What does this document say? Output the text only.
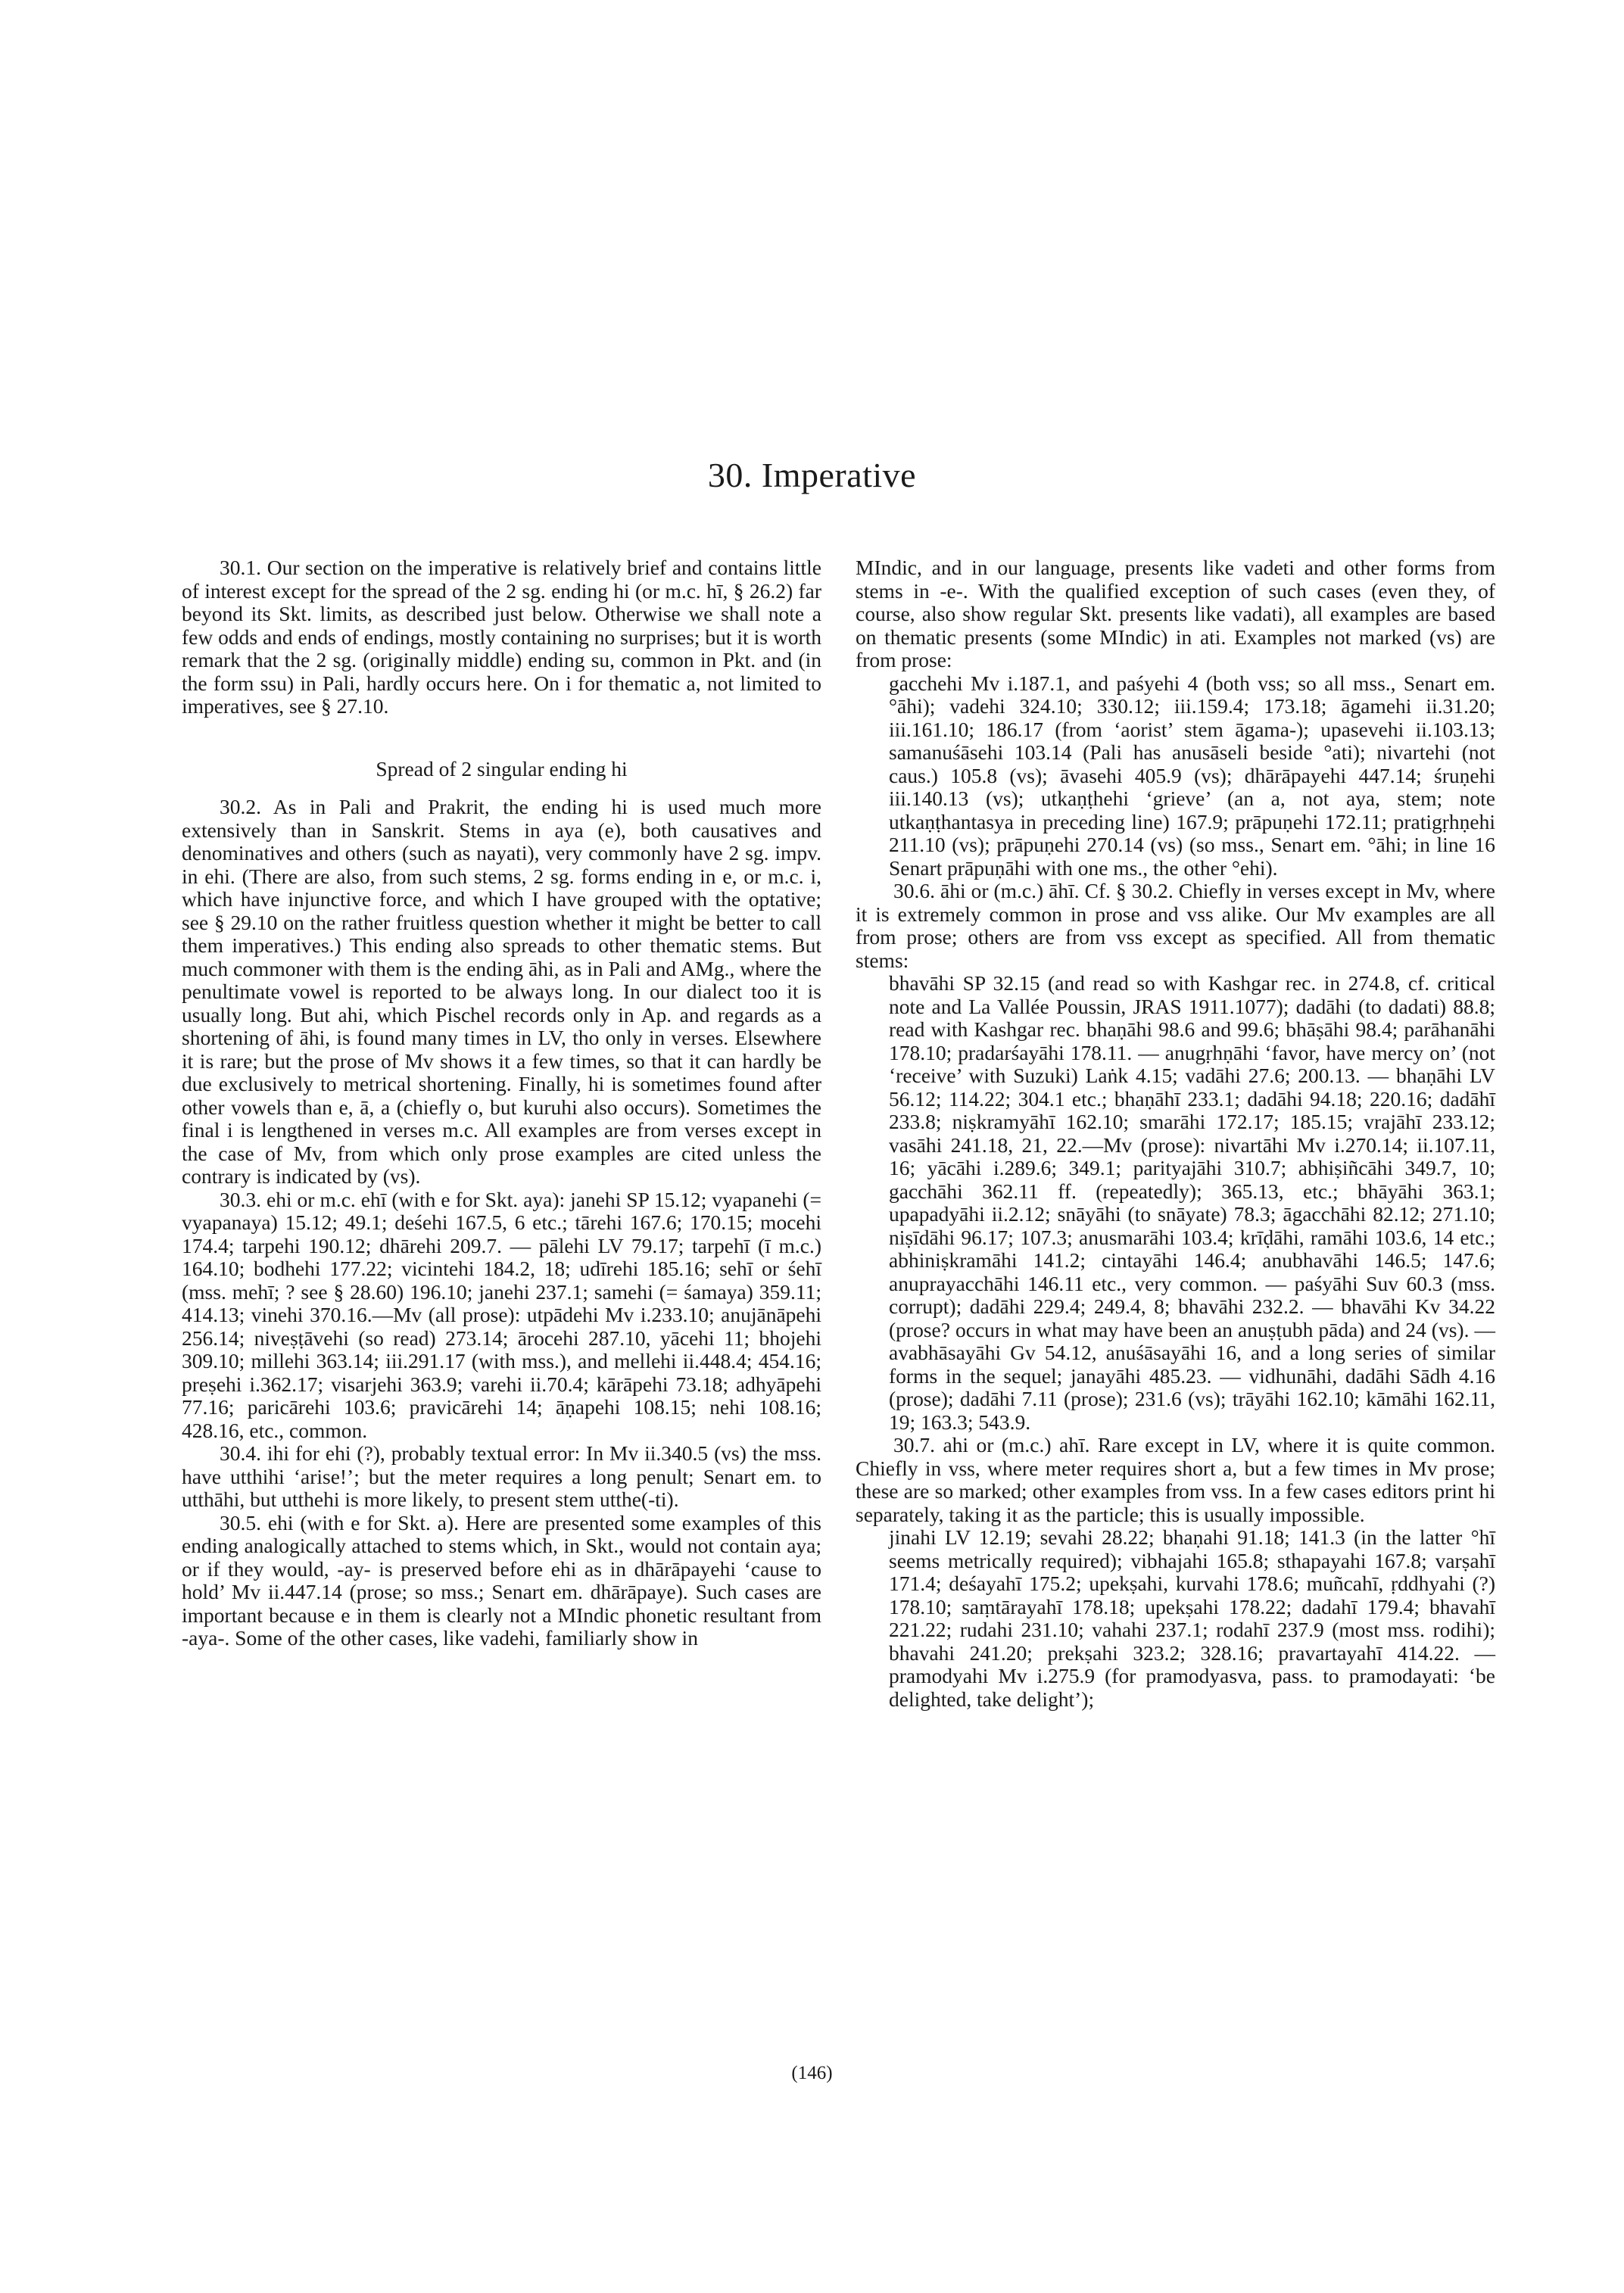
30. Imperative

30.1. Our section on the imperative is relatively brief and contains little of interest except for the spread of the 2 sg. ending hi (or m.c. hī, § 26.2) far beyond its Skt. limits, as described just below. Otherwise we shall note a few odds and ends of endings, mostly containing no surprises; but it is worth remark that the 2 sg. (originally middle) ending su, common in Pkt. and (in the form ssu) in Pali, hardly occurs here. On i for thematic a, not limited to imperatives, see § 27.10.

Spread of 2 singular ending hi

30.2. As in Pali and Prakrit, the ending hi is used much more extensively than in Sanskrit. Stems in aya (e), both causatives and denominatives and others (such as nayati), very commonly have 2 sg. impv. in ehi. (There are also, from such stems, 2 sg. forms ending in e, or m.c. i, which have injunctive force, and which I have grouped with the optative; see § 29.10 on the rather fruitless question whether it might be better to call them imperatives.) This ending also spreads to other thematic stems. But much commoner with them is the ending āhi, as in Pali and AMg., where the penultimate vowel is reported to be always long. In our dialect too it is usually long. But ahi, which Pischel records only in Ap. and regards as a shortening of āhi, is found many times in LV, tho only in verses. Elsewhere it is rare; but the prose of Mv shows it a few times, so that it can hardly be due exclusively to metrical shortening. Finally, hi is sometimes found after other vowels than e, ā, a (chiefly o, but kuruhi also occurs). Sometimes the final i is lengthened in verses m.c. All examples are from verses except in the case of Mv, from which only prose examples are cited unless the contrary is indicated by (vs).

30.3. ehi or m.c. ehī (with e for Skt. aya): janehi SP 15.12; vyapanehi (= vyapanaya) 15.12; 49.1; deśehi 167.5, 6 etc.; tārehi 167.6; 170.15; mocehi 174.4; tarpehi 190.12; dhārehi 209.7. — pālehi LV 79.17; tarpehī (ī m.c.) 164.10; bodhehi 177.22; vicintehi 184.2, 18; udīrehi 185.16; sehī or śehī (mss. mehī; ? see § 28.60) 196.10; janehi 237.1; samehi (= śamaya) 359.11; 414.13; vinehi 370.16.—Mv (all prose): utpādehi Mv i.233.10; anujānāpehi 256.14; niveṣṭāvehi (so read) 273.14; ārocehi 287.10, yācehi 11; bhojehi 309.10; millehi 363.14; iii.291.17 (with mss.), and mellehi ii.448.4; 454.16; preṣehi i.362.17; visarjehi 363.9; varehi ii.70.4; kārāpehi 73.18; adhyāpehi 77.16; paricārehi 103.6; pravicārehi 14; āṇapehi 108.15; nehi 108.16; 428.16, etc., common.

30.4. ihi for ehi (?), probably textual error: In Mv ii.340.5 (vs) the mss. have utthihi ‘arise!’; but the meter requires a long penult; Senart em. to utthāhi, but utthehi is more likely, to present stem utthe(-ti).

30.5. ehi (with e for Skt. a). Here are presented some examples of this ending analogically attached to stems which, in Skt., would not contain aya; or if they would, -ay- is preserved before ehi as in dhārāpayehi ‘cause to hold’ Mv ii.447.14 (prose; so mss.; Senart em. dhārāpaye). Such cases are important because e in them is clearly not a MIndic phonetic resultant from -aya-. Some of the other cases, like vadehi, familiarly show in

MIndic, and in our language, presents like vadeti and other forms from stems in -e-. With the qualified exception of such cases (even they, of course, also show regular Skt. presents like vadati), all examples are based on thematic presents (some MIndic) in ati. Examples not marked (vs) are from prose:

gacchehi Mv i.187.1, and paśyehi 4 (both vss; so all mss., Senart em. °āhi); vadehi 324.10; 330.12; iii.159.4; 173.18; āgamehi ii.31.20; iii.161.10; 186.17 (from ‘aorist’ stem āgama-); upasevehi ii.103.13; samanuśāsehi 103.14 (Pali has anusāseli beside °ati); nivartehi (not caus.) 105.8 (vs); āvasehi 405.9 (vs); dhārāpayehi 447.14; śruṇehi iii.140.13 (vs); utkaṇṭhehi ‘grieve’ (an a, not aya, stem; note utkaṇṭhantasya in preceding line) 167.9; prāpuṇehi 172.11; pratigṛhṇehi 211.10 (vs); prāpuṇehi 270.14 (vs) (so mss., Senart em. °āhi; in line 16 Senart prāpuṇāhi with one ms., the other °ehi).

30.6. āhi or (m.c.) āhī. Cf. § 30.2. Chiefly in verses except in Mv, where it is extremely common in prose and vss alike. Our Mv examples are all from prose; others are from vss except as specified. All from thematic stems:

bhavāhi SP 32.15 (and read so with Kashgar rec. in 274.8, cf. critical note and La Vallée Poussin, JRAS 1911.1077); dadāhi (to dadati) 88.8; read with Kashgar rec. bhaṇāhi 98.6 and 99.6; bhāṣāhi 98.4; parāhanāhi 178.10; pradarśayāhi 178.11. — anugṛhṇāhi ‘favor, have mercy on’ (not ‘receive’ with Suzuki) Laṅk 4.15; vadāhi 27.6; 200.13. — bhaṇāhi LV 56.12; 114.22; 304.1 etc.; bhaṇāhī 233.1; dadāhi 94.18; 220.16; dadāhī 233.8; niṣkramyāhī 162.10; smarāhi 172.17; 185.15; vrajāhī 233.12; vasāhi 241.18, 21, 22.—Mv (prose): nivartāhi Mv i.270.14; ii.107.11, 16; yācāhi i.289.6; 349.1; parityajāhi 310.7; abhiṣiñcāhi 349.7, 10; gacchāhi 362.11 ff. (repeatedly); 365.13, etc.; bhāyāhi 363.1; upapadyāhi ii.2.12; snāyāhi (to snāyate) 78.3; āgacchāhi 82.12; 271.10; niṣīdāhi 96.17; 107.3; anusmarāhi 103.4; krīḍāhi, ramāhi 103.6, 14 etc.; abhiniṣkramāhi 141.2; cintayāhi 146.4; anubhavāhi 146.5; 147.6; anuprayacchāhi 146.11 etc., very common. — paśyāhi Suv 60.3 (mss. corrupt); dadāhi 229.4; 249.4, 8; bhavāhi 232.2. — bhavāhi Kv 34.22 (prose? occurs in what may have been an anuṣṭubh pāda) and 24 (vs). — avabhāsayāhi Gv 54.12, anuśāsayāhi 16, and a long series of similar forms in the sequel; janayāhi 485.23. — vidhunāhi, dadāhi Sādh 4.16 (prose); dadāhi 7.11 (prose); 231.6 (vs); trāyāhi 162.10; kāmāhi 162.11, 19; 163.3; 543.9.

30.7. ahi or (m.c.) ahī. Rare except in LV, where it is quite common. Chiefly in vss, where meter requires short a, but a few times in Mv prose; these are so marked; other examples from vss. In a few cases editors print hi separately, taking it as the particle; this is usually impossible.

jinahi LV 12.19; sevahi 28.22; bhaṇahi 91.18; 141.3 (in the latter °hī seems metrically required); vibhajahi 165.8; sthapayahi 167.8; varṣahī 171.4; deśayahī 175.2; upekṣahi, kurvahi 178.6; muñcahī, ṛddhyahi (?) 178.10; saṃtārayahī 178.18; upekṣahi 178.22; dadahī 179.4; bhavahī 221.22; rudahi 231.10; vahahi 237.1; rodahī 237.9 (most mss. rodihi); bhavahi 241.20; prekṣahi 323.2; 328.16; pravartayahī 414.22. — pramodyahi Mv i.275.9 (for pramodyasva, pass. to pramodayati: ‘be delighted, take delight’);

(146)
